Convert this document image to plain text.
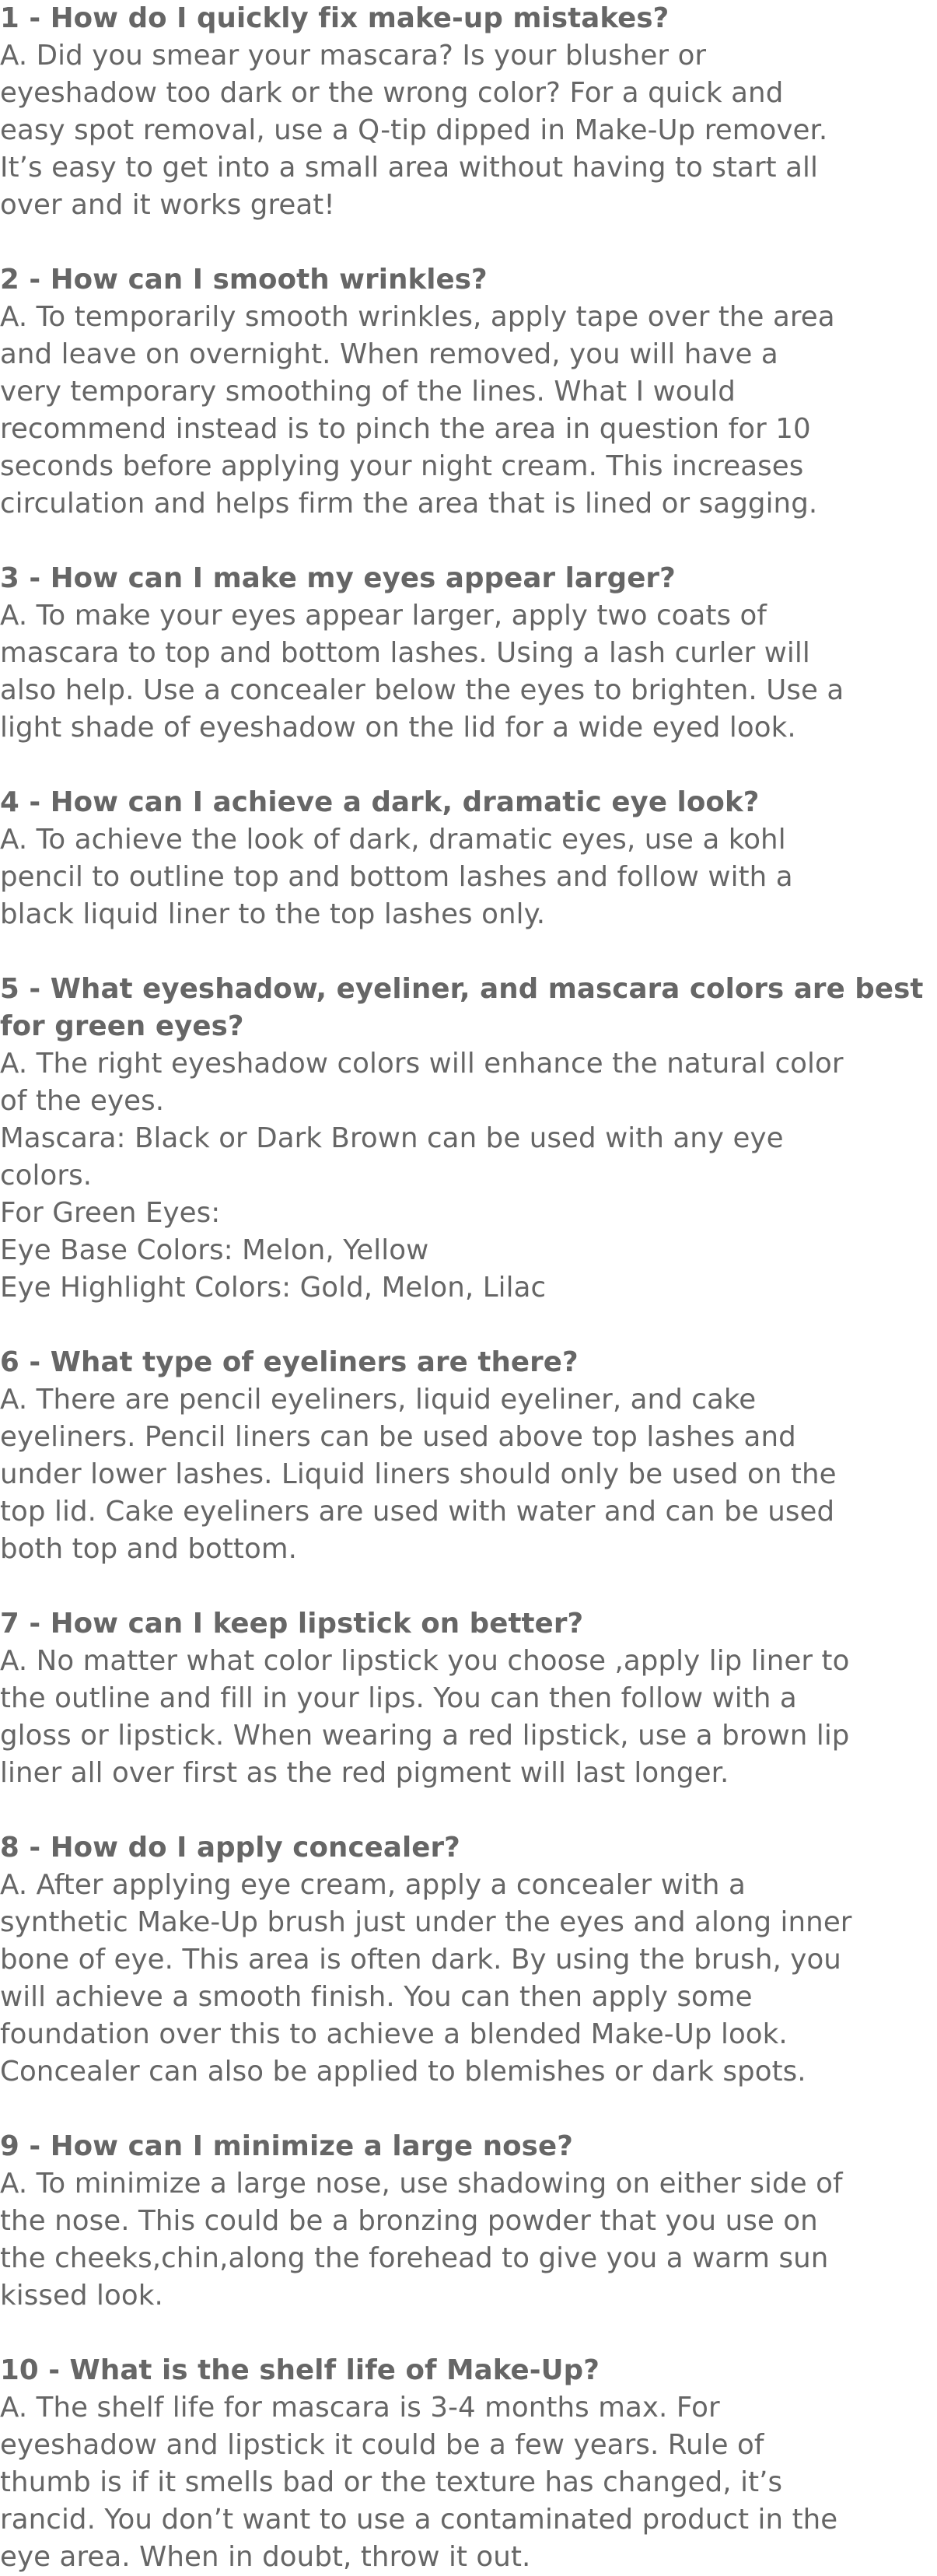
1 - How do I quickly fix make-up mistakes?

A. Did you smear your mascara? Is your blusher or

eyeshadow too dark or the wrong color? For a quick and

easy spot removal, use a Q-tip dipped in Make-Up remover.

It’s easy to get into a small area without having to start all

over and it works great!

2 - How can I smooth wrinkles?

A. To temporarily smooth wrinkles, apply tape over the area

and leave on overnight. When removed, you will have a

very temporary smoothing of the lines. What I would

recommend instead is to pinch the area in question for 10

seconds before applying your night cream. This increases

circulation and helps firm the area that is lined or sagging.

3 - How can I make my eyes appear larger?

A. To make your eyes appear larger, apply two coats of

mascara to top and bottom lashes. Using a lash curler will

also help. Use a concealer below the eyes to brighten. Use a

light shade of eyeshadow on the lid for a wide eyed look.

4 - How can I achieve a dark, dramatic eye look?

A. To achieve the look of dark, dramatic eyes, use a kohl

pencil to outline top and bottom lashes and follow with a

black liquid liner to the top lashes only.

5 - What eyeshadow, eyeliner, and mascara colors are best

for green eyes?

A. The right eyeshadow colors will enhance the natural color

of the eyes.

Mascara: Black or Dark Brown can be used with any eye

colors.

For Green Eyes:

Eye Base Colors: Melon, Yellow

Eye Highlight Colors: Gold, Melon, Lilac

6 - What type of eyeliners are there?

A. There are pencil eyeliners, liquid eyeliner, and cake

eyeliners. Pencil liners can be used above top lashes and

under lower lashes. Liquid liners should only be used on the

top lid. Cake eyeliners are used with water and can be used

both top and bottom.

7 - How can I keep lipstick on better?

A. No matter what color lipstick you choose ,apply lip liner to

the outline and fill in your lips. You can then follow with a

gloss or lipstick. When wearing a red lipstick, use a brown lip

liner all over first as the red pigment will last longer.

8 - How do I apply concealer?

A. After applying eye cream, apply a concealer with a

synthetic Make-Up brush just under the eyes and along inner

bone of eye. This area is often dark. By using the brush, you

will achieve a smooth finish. You can then apply some

foundation over this to achieve a blended Make-Up look.

Concealer can also be applied to blemishes or dark spots.

9 - How can I minimize a large nose?

A. To minimize a large nose, use shadowing on either side of

the nose. This could be a bronzing powder that you use on

the cheeks,chin,along the forehead to give you a warm sun

kissed look.

10 - What is the shelf life of Make-Up?

A. The shelf life for mascara is 3-4 months max. For

eyeshadow and lipstick it could be a few years. Rule of

thumb is if it smells bad or the texture has changed, it’s

rancid. You don’t want to use a contaminated product in the

eye area. When in doubt, throw it out.
